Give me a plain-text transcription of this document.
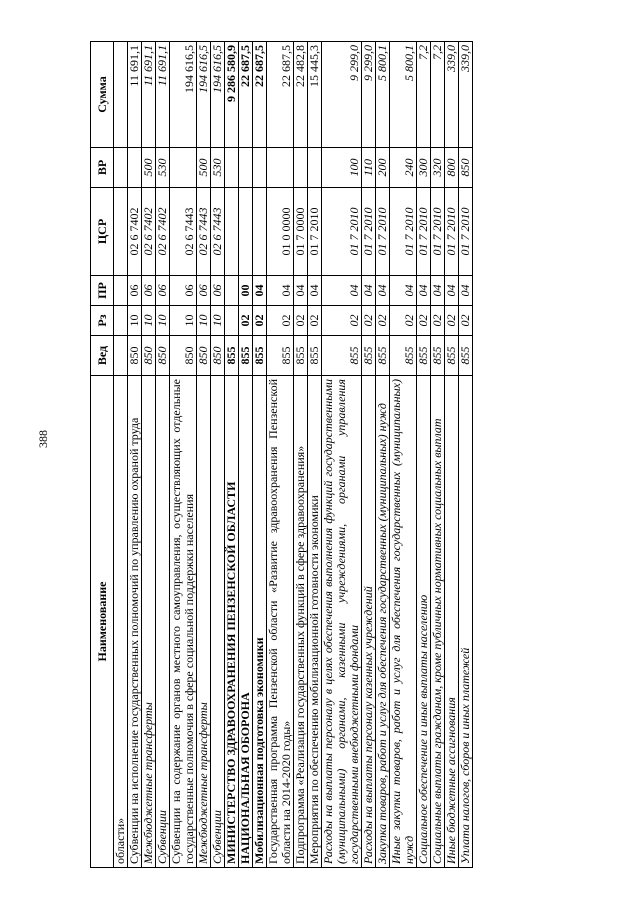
388
Наименование	Вед	Рз	ПР	ЦСР	ВР	Сумма
области»						
Субвенции на исполнение государственных полномочий по управлению охраной труда	850	10	06	02 6 7402		11 691,1
Межбюджетные трансферты	850	10	06	02 6 7402	500	11 691,1
Субвенции	850	10	06	02 6 7402	530	11 691,1
Субвенции на содержание органов местного самоуправления, осуществляющих отдельные государственные полномочия в сфере социальной поддержки населения	850	10	06	02 6 7443		194 616,5
Межбюджетные трансферты	850	10	06	02 6 7443	500	194 616,5
Субвенции	850	10	06	02 6 7443	530	194 616,5
МИНИСТЕРСТВО ЗДРАВООХРАНЕНИЯ ПЕНЗЕНСКОЙ ОБЛАСТИ	855					9 286 580,9
НАЦИОНАЛЬНАЯ ОБОРОНА	855	02	00			22 687,5
Мобилизационная подготовка экономики	855	02	04			22 687,5
Государственная программа Пензенской области «Развитие здравоохранения Пензенской области на 2014-2020 годы»	855	02	04	01 0 0000		22 687,5
Подпрограмма «Реализация государственных функций в сфере здравоохранения»	855	02	04	01 7 0000		22 482,8
Мероприятия по обеспечению мобилизационной готовности экономики	855	02	04	01 7 2010		15 445,3
Расходы на выплаты персоналу в целях обеспечения выполнения функций государственными (муниципальными) органами, казенными учреждениями, органами управления государственными внебюджетными фондами	855	02	04	01 7 2010	100	9 299,0
Расходы на выплаты персоналу казенных учреждений	855	02	04	01 7 2010	110	9 299,0
Закупка товаров, работ и услуг для обеспечения государственных (муниципальных) нужд	855	02	04	01 7 2010	200	5 800,1
Иные закупки товаров, работ и услуг для обеспечения государственных (муниципальных) нужд	855	02	04	01 7 2010	240	5 800,1
Социальное обеспечение и иные выплаты населению	855	02	04	01 7 2010	300	7,2
Социальные выплаты гражданам, кроме публичных нормативных социальных выплат	855	02	04	01 7 2010	320	7,2
Иные бюджетные ассигнования	855	02	04	01 7 2010	800	339,0
Уплата налогов, сборов и иных платежей	855	02	04	01 7 2010	850	339,0
